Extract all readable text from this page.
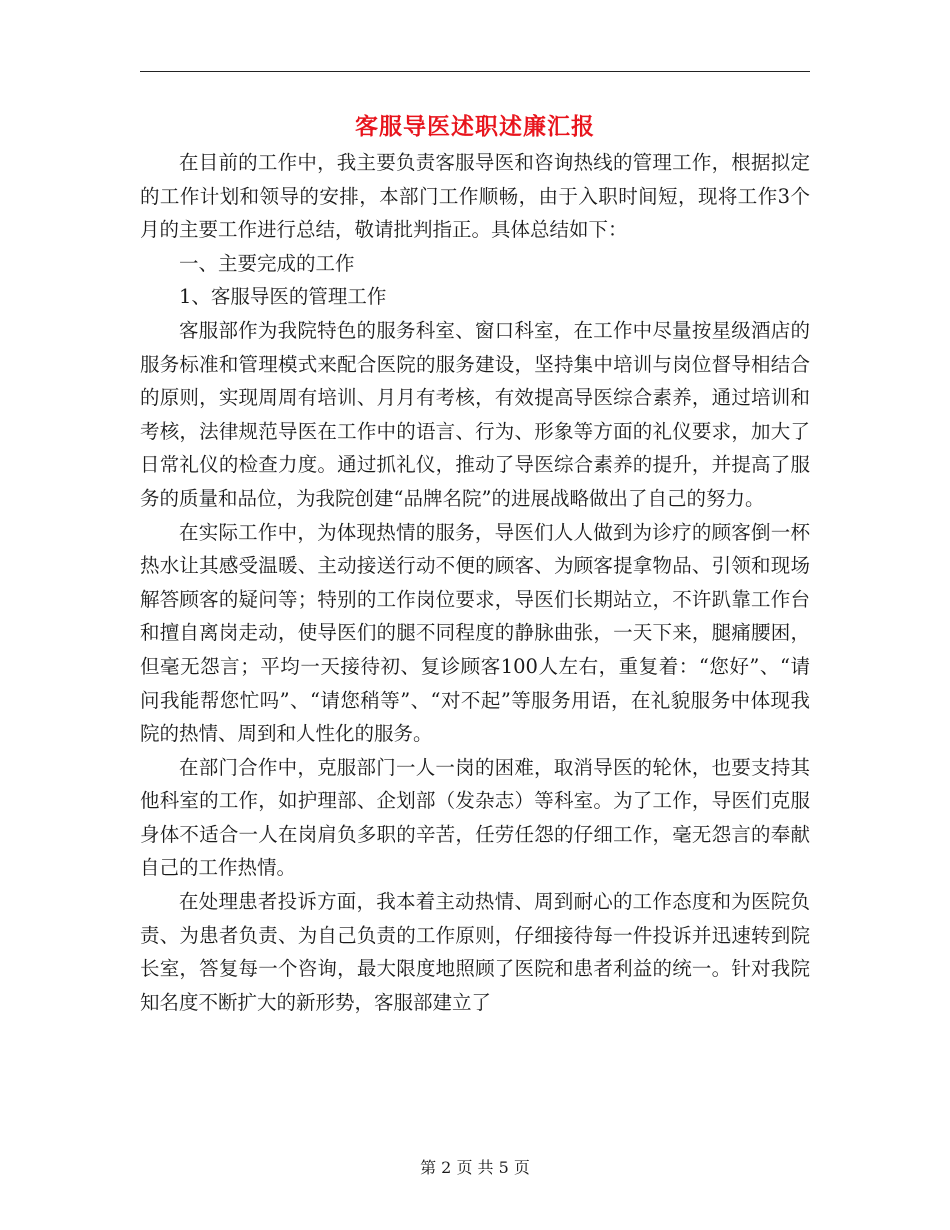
客服导医述职述廉汇报

在目前的工作中，我主要负责客服导医和咨询热线的管理工作，根据拟定的工作计划和领导的安排，本部门工作顺畅，由于入职时间短，现将工作3个月的主要工作进行总结，敬请批判指正。具体总结如下：

一、主要完成的工作

1、客服导医的管理工作

客服部作为我院特色的服务科室、窗口科室，在工作中尽量按星级酒店的服务标准和管理模式来配合医院的服务建设，坚持集中培训与岗位督导相结合的原则，实现周周有培训、月月有考核，有效提高导医综合素养，通过培训和考核，法律规范导医在工作中的语言、行为、形象等方面的礼仪要求，加大了日常礼仪的检查力度。通过抓礼仪，推动了导医综合素养的提升，并提高了服务的质量和品位，为我院创建“品牌名院”的进展战略做出了自己的努力。

在实际工作中，为体现热情的服务，导医们人人做到为诊疗的顾客倒一杯热水让其感受温暖、主动接送行动不便的顾客、为顾客提拿物品、引领和现场解答顾客的疑问等；特别的工作岗位要求，导医们长期站立，不许趴靠工作台和擅自离岗走动，使导医们的腿不同程度的静脉曲张，一天下来，腿痛腰困，但毫无怨言；平均一天接待初、复诊顾客100人左右，重复着：“您好”、“请问我能帮您忙吗”、“请您稍等”、“对不起”等服务用语，在礼貌服务中体现我院的热情、周到和人性化的服务。

在部门合作中，克服部门一人一岗的困难，取消导医的轮休，也要支持其他科室的工作，如护理部、企划部（发杂志）等科室。为了工作，导医们克服身体不适合一人在岗肩负多职的辛苦，任劳任怨的仔细工作，毫无怨言的奉献自己的工作热情。

在处理患者投诉方面，我本着主动热情、周到耐心的工作态度和为医院负责、为患者负责、为自己负责的工作原则，仔细接待每一件投诉并迅速转到院长室，答复每一个咨询，最大限度地照顾了医院和患者利益的统一。针对我院知名度不断扩大的新形势，客服部建立了

第 2 页 共 5 页
